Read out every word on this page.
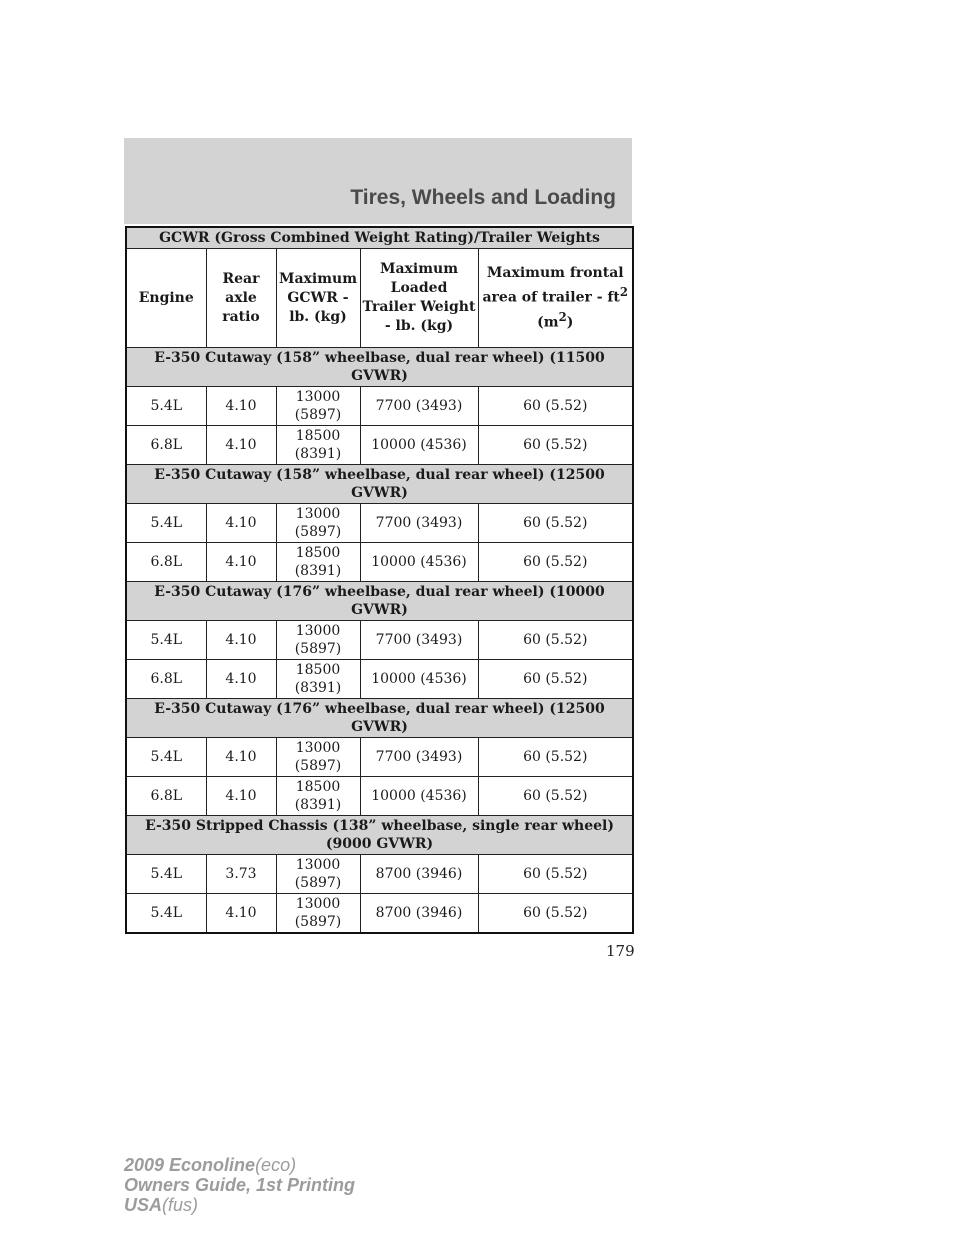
Tires, Wheels and Loading
GCWR (Gross Combined Weight Rating)/Trailer Weights				
Engine	Rear axle ratio	Maximum GCWR - lb. (kg)	Maximum Loaded Trailer Weight - lb. (kg)	Maximum frontal area of trailer - $ft^2$
$(m^2)$
E-350 Cutaway (158” wheelbase, dual rear wheel) (11500 GVWR)				
5.4L	4.10	13000 (5897)	7700 (3493)	60 (5.52)
6.8L	4.10	18500 (8391)	10000 (4536)	60 (5.52)
E-350 Cutaway (158” wheelbase, dual rear wheel) (12500 GVWR)				
5.4L	4.10	13000 (5897)	7700 (3493)	60 (5.52)
6.8L	4.10	18500 (8391)	10000 (4536)	60 (5.52)
E-350 Cutaway (176” wheelbase, dual rear wheel) (10000 GVWR)				
5.4L	4.10	13000 (5897)	7700 (3493)	60 (5.52)
6.8L	4.10	18500 (8391)	10000 (4536)	60 (5.52)
E-350 Cutaway (176” wheelbase, dual rear wheel) (12500 GVWR)				
5.4L	4.10	13000 (5897)	7700 (3493)	60 (5.52)
6.8L	4.10	18500 (8391)	10000 (4536)	60 (5.52)
E-350 Stripped Chassis (138” wheelbase, single rear wheel) (9000 GVWR)				
5.4L	3.73	13000 (5897)	8700 (3946)	60 (5.52)
5.4L	4.10	13000 (5897)	8700 (3946)	60 (5.52)
179
2009 Econoline(eco)
Owners Guide, 1st Printing
USA(fus)
